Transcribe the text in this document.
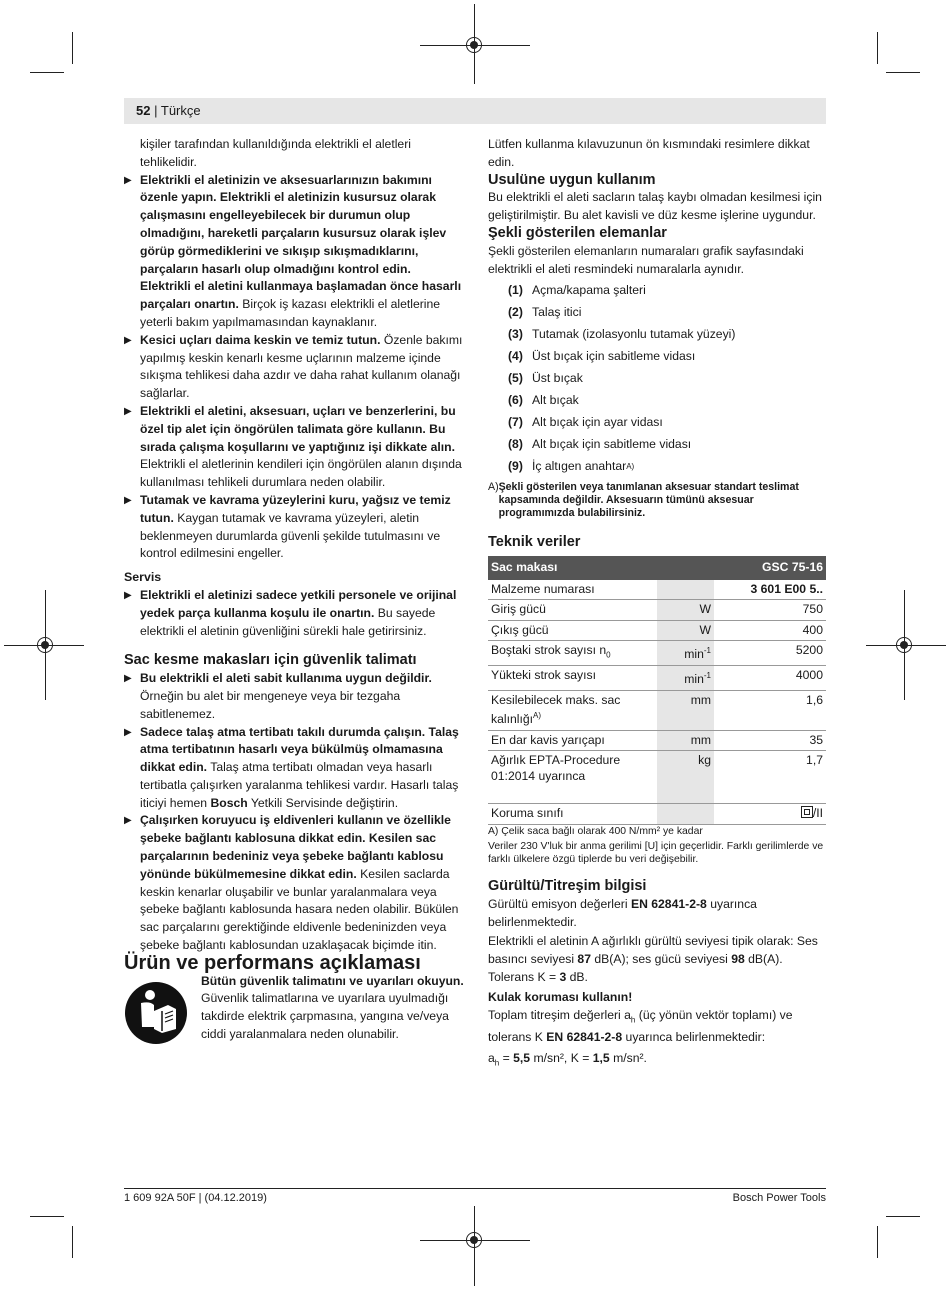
52 | Türkçe

kişiler tarafından kullanıldığında elektrikli el aletleri tehlikelidir.

▶ Elektrikli el aletinizin ve aksesuarlarınızın bakımını özenle yapın. Elektrikli el aletinizin kusursuz olarak çalışmasını engelleyebilecek bir durumun olup olmadığını, hareketli parçaların kusursuz olarak işlev görüp görmediklerini ve sıkışıp sıkışmadıklarını, parçaların hasarlı olup olmadığını kontrol edin. Elektrikli el aletini kullanmaya başlamadan önce hasarlı parçaları onartın. Birçok iş kazası elektrikli el aletlerine yeterli bakım yapılmamasından kaynaklanır.

▶ Kesici uçları daima keskin ve temiz tutun. Özenle bakımı yapılmış keskin kenarlı kesme uçlarının malzeme içinde sıkışma tehlikesi daha azdır ve daha rahat kullanım olanağı sağlarlar.

▶ Elektrikli el aletini, aksesuarı, uçları ve benzerlerini, bu özel tip alet için öngörülen talimata göre kullanın. Bu sırada çalışma koşullarını ve yaptığınız işi dikkate alın. Elektrikli el aletlerinin kendileri için öngörülen alanın dışında kullanılması tehlikeli durumlara neden olabilir.

▶ Tutamak ve kavrama yüzeylerini kuru, yağsız ve temiz tutun. Kaygan tutamak ve kavrama yüzeyleri, aletin beklenmeyen durumlarda güvenli şekilde tutulmasını ve kontrol edilmesini engeller.

Servis

▶ Elektrikli el aletinizi sadece yetkili personele ve orijinal yedek parça kullanma koşulu ile onartın. Bu sayede elektrikli el aletinin güvenliğini sürekli hale getirirsiniz.

Sac kesme makasları için güvenlik talimatı

▶ Bu elektrikli el aleti sabit kullanıma uygun değildir. Örneğin bu alet bir mengeneye veya bir tezgaha sabitlenemez.

▶ Sadece talaş atma tertibatı takılı durumda çalışın. Talaş atma tertibatının hasarlı veya bükülmüş olmamasına dikkat edin. Talaş atma tertibatı olmadan veya hasarlı tertibatla çalışırken yaralanma tehlikesi vardır. Hasarlı talaş iticiyi hemen Bosch Yetkili Servisinde değiştirin.

▶ Çalışırken koruyucu iş eldivenleri kullanın ve özellikle şebeke bağlantı kablosuna dikkat edin. Kesilen sac parçalarının bedeniniz veya şebeke bağlantı kablosu yönünde bükülmemesine dikkat edin. Kesilen saclarda keskin kenarlar oluşabilir ve bunlar yaralanmalara veya şebeke bağlantı kablosunda hasara neden olabilir. Bükülen sac parçalarını gerektiğinde eldivenle bedeninizden veya şebeke bağlantı kablosundan uzaklaşacak biçimde itin.

Ürün ve performans açıklaması

Bütün güvenlik talimatını ve uyarıları okuyun. Güvenlik talimatlarına ve uyarılara uyulmadığı takdirde elektrik çarpmasına, yangına ve/veya ciddi yaralanmalara neden olunabilir.

Lütfen kullanma kılavuzunun ön kısmındaki resimlere dikkat edin.

Usulüne uygun kullanım

Bu elektrikli el aleti sacların talaş kaybı olmadan kesilmesi için geliştirilmiştir. Bu alet kavisli ve düz kesme işlerine uygundur.

Şekli gösterilen elemanlar

Şekli gösterilen elemanların numaraları grafik sayfasındaki elektrikli el aleti resmindeki numaralarla aynıdır.

(1) Açma/kapama şalteri
(2) Talaş itici
(3) Tutamak (izolasyonlu tutamak yüzeyi)
(4) Üst bıçak için sabitleme vidası
(5) Üst bıçak
(6) Alt bıçak
(7) Alt bıçak için ayar vidası
(8) Alt bıçak için sabitleme vidası
(9) İç altıgen anahtar A)
A) Şekli gösterilen veya tanımlanan aksesuar standart teslimat kapsamında değildir. Aksesuarın tümünü aksesuar programımızda bulabilirsiniz.

Teknik veriler

Sac makası		GSC 75-16
Malzeme numarası		3 601 E00 5..
Giriş gücü	W	750
Çıkış gücü	W	400
Boştaki strok sayısı $n_0$	$\min^{-1}$	5200
Yükteki strok sayısı	$\min^{-1}$	4000
Kesilebilecek maks. sac kalınlığı$^{A)}$	mm	1,6
En dar kavis yarıçapı	mm	35
Ağırlık EPTA-Procedure 01:2014 uyarınca	kg	1,7
Koruma sınıfı		/II

A) Çelik saca bağlı olarak 400 N/mm² ye kadar

Veriler 230 V'luk bir anma gerilimi [U] için geçerlidir. Farklı gerilimlerde ve farklı ülkelere özgü tiplerde bu veri değişebilir.

Gürültü/Titreşim bilgisi

Gürültü emisyon değerleri EN 62841-2-8 uyarınca belirlenmektedir.

Elektrikli el aletinin A ağırlıklı gürültü seviyesi tipik olarak: Ses basıncı seviyesi 87 dB(A); ses gücü seviyesi 98 dB(A). Tolerans K = 3 dB.

Kulak koruması kullanın!

Toplam titreşim değerleri $a_h$ (üç yönün vektör toplamı) ve tolerans K EN 62841-2-8 uyarınca belirlenmektedir:

$a_h = 5,5$ m/sn², K = 1,5 m/sn².

1 609 92A 50F | (04.12.2019)	Bosch Power Tools
